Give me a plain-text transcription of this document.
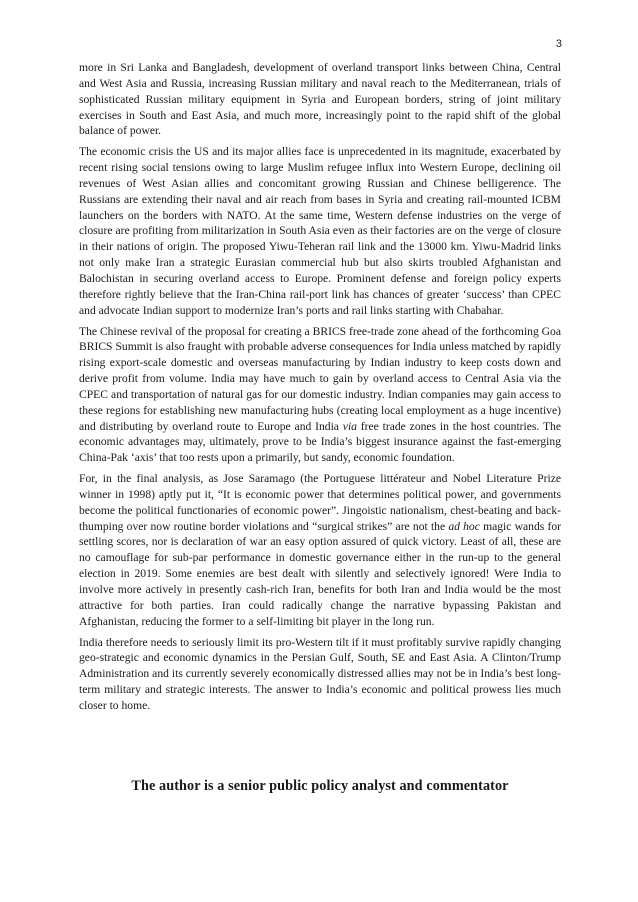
3

more in Sri Lanka and Bangladesh, development of overland transport links between China, Central and West Asia and Russia, increasing Russian military and naval reach to the Mediterranean, trials of sophisticated Russian military equipment in Syria and European borders, string of joint military exercises in South and East Asia, and much more, increasingly point to the rapid shift of the global balance of power.

The economic crisis the US and its major allies face is unprecedented in its magnitude, exacerbated by recent rising social tensions owing to large Muslim refugee influx into Western Europe, declining oil revenues of West Asian allies and concomitant growing Russian and Chinese belligerence. The Russians are extending their naval and air reach from bases in Syria and creating rail-mounted ICBM launchers on the borders with NATO. At the same time, Western defense industries on the verge of closure are profiting from militarization in South Asia even as their factories are on the verge of closure in their nations of origin. The proposed Yiwu-Teheran rail link and the 13000 km. Yiwu-Madrid links not only make Iran a strategic Eurasian commercial hub but also skirts troubled Afghanistan and Balochistan in securing overland access to Europe. Prominent defense and foreign policy experts therefore rightly believe that the Iran-China rail-port link has chances of greater ‘success’ than CPEC and advocate Indian support to modernize Iran’s ports and rail links starting with Chabahar.

The Chinese revival of the proposal for creating a BRICS free-trade zone ahead of the forthcoming Goa BRICS Summit is also fraught with probable adverse consequences for India unless matched by rapidly rising export-scale domestic and overseas manufacturing by Indian industry to keep costs down and derive profit from volume. India may have much to gain by overland access to Central Asia via the CPEC and transportation of natural gas for our domestic industry. Indian companies may gain access to these regions for establishing new manufacturing hubs (creating local employment as a huge incentive) and distributing by overland route to Europe and India via free trade zones in the host countries. The economic advantages may, ultimately, prove to be India’s biggest insurance against the fast-emerging China-Pak ‘axis’ that too rests upon a primarily, but sandy, economic foundation.

For, in the final analysis, as Jose Saramago (the Portuguese littérateur and Nobel Literature Prize winner in 1998) aptly put it, “It is economic power that determines political power, and governments become the political functionaries of economic power”. Jingoistic nationalism, chest-beating and back-thumping over now routine border violations and “surgical strikes” are not the ad hoc magic wands for settling scores, nor is declaration of war an easy option assured of quick victory. Least of all, these are no camouflage for sub-par performance in domestic governance either in the run-up to the general election in 2019. Some enemies are best dealt with silently and selectively ignored! Were India to involve more actively in presently cash-rich Iran, benefits for both Iran and India would be the most attractive for both parties. Iran could radically change the narrative bypassing Pakistan and Afghanistan, reducing the former to a self-limiting bit player in the long run.

India therefore needs to seriously limit its pro-Western tilt if it must profitably survive rapidly changing geo-strategic and economic dynamics in the Persian Gulf, South, SE and East Asia. A Clinton/Trump Administration and its currently severely economically distressed allies may not be in India’s best long-term military and strategic interests. The answer to India’s economic and political prowess lies much closer to home.

The author is a senior public policy analyst and commentator
